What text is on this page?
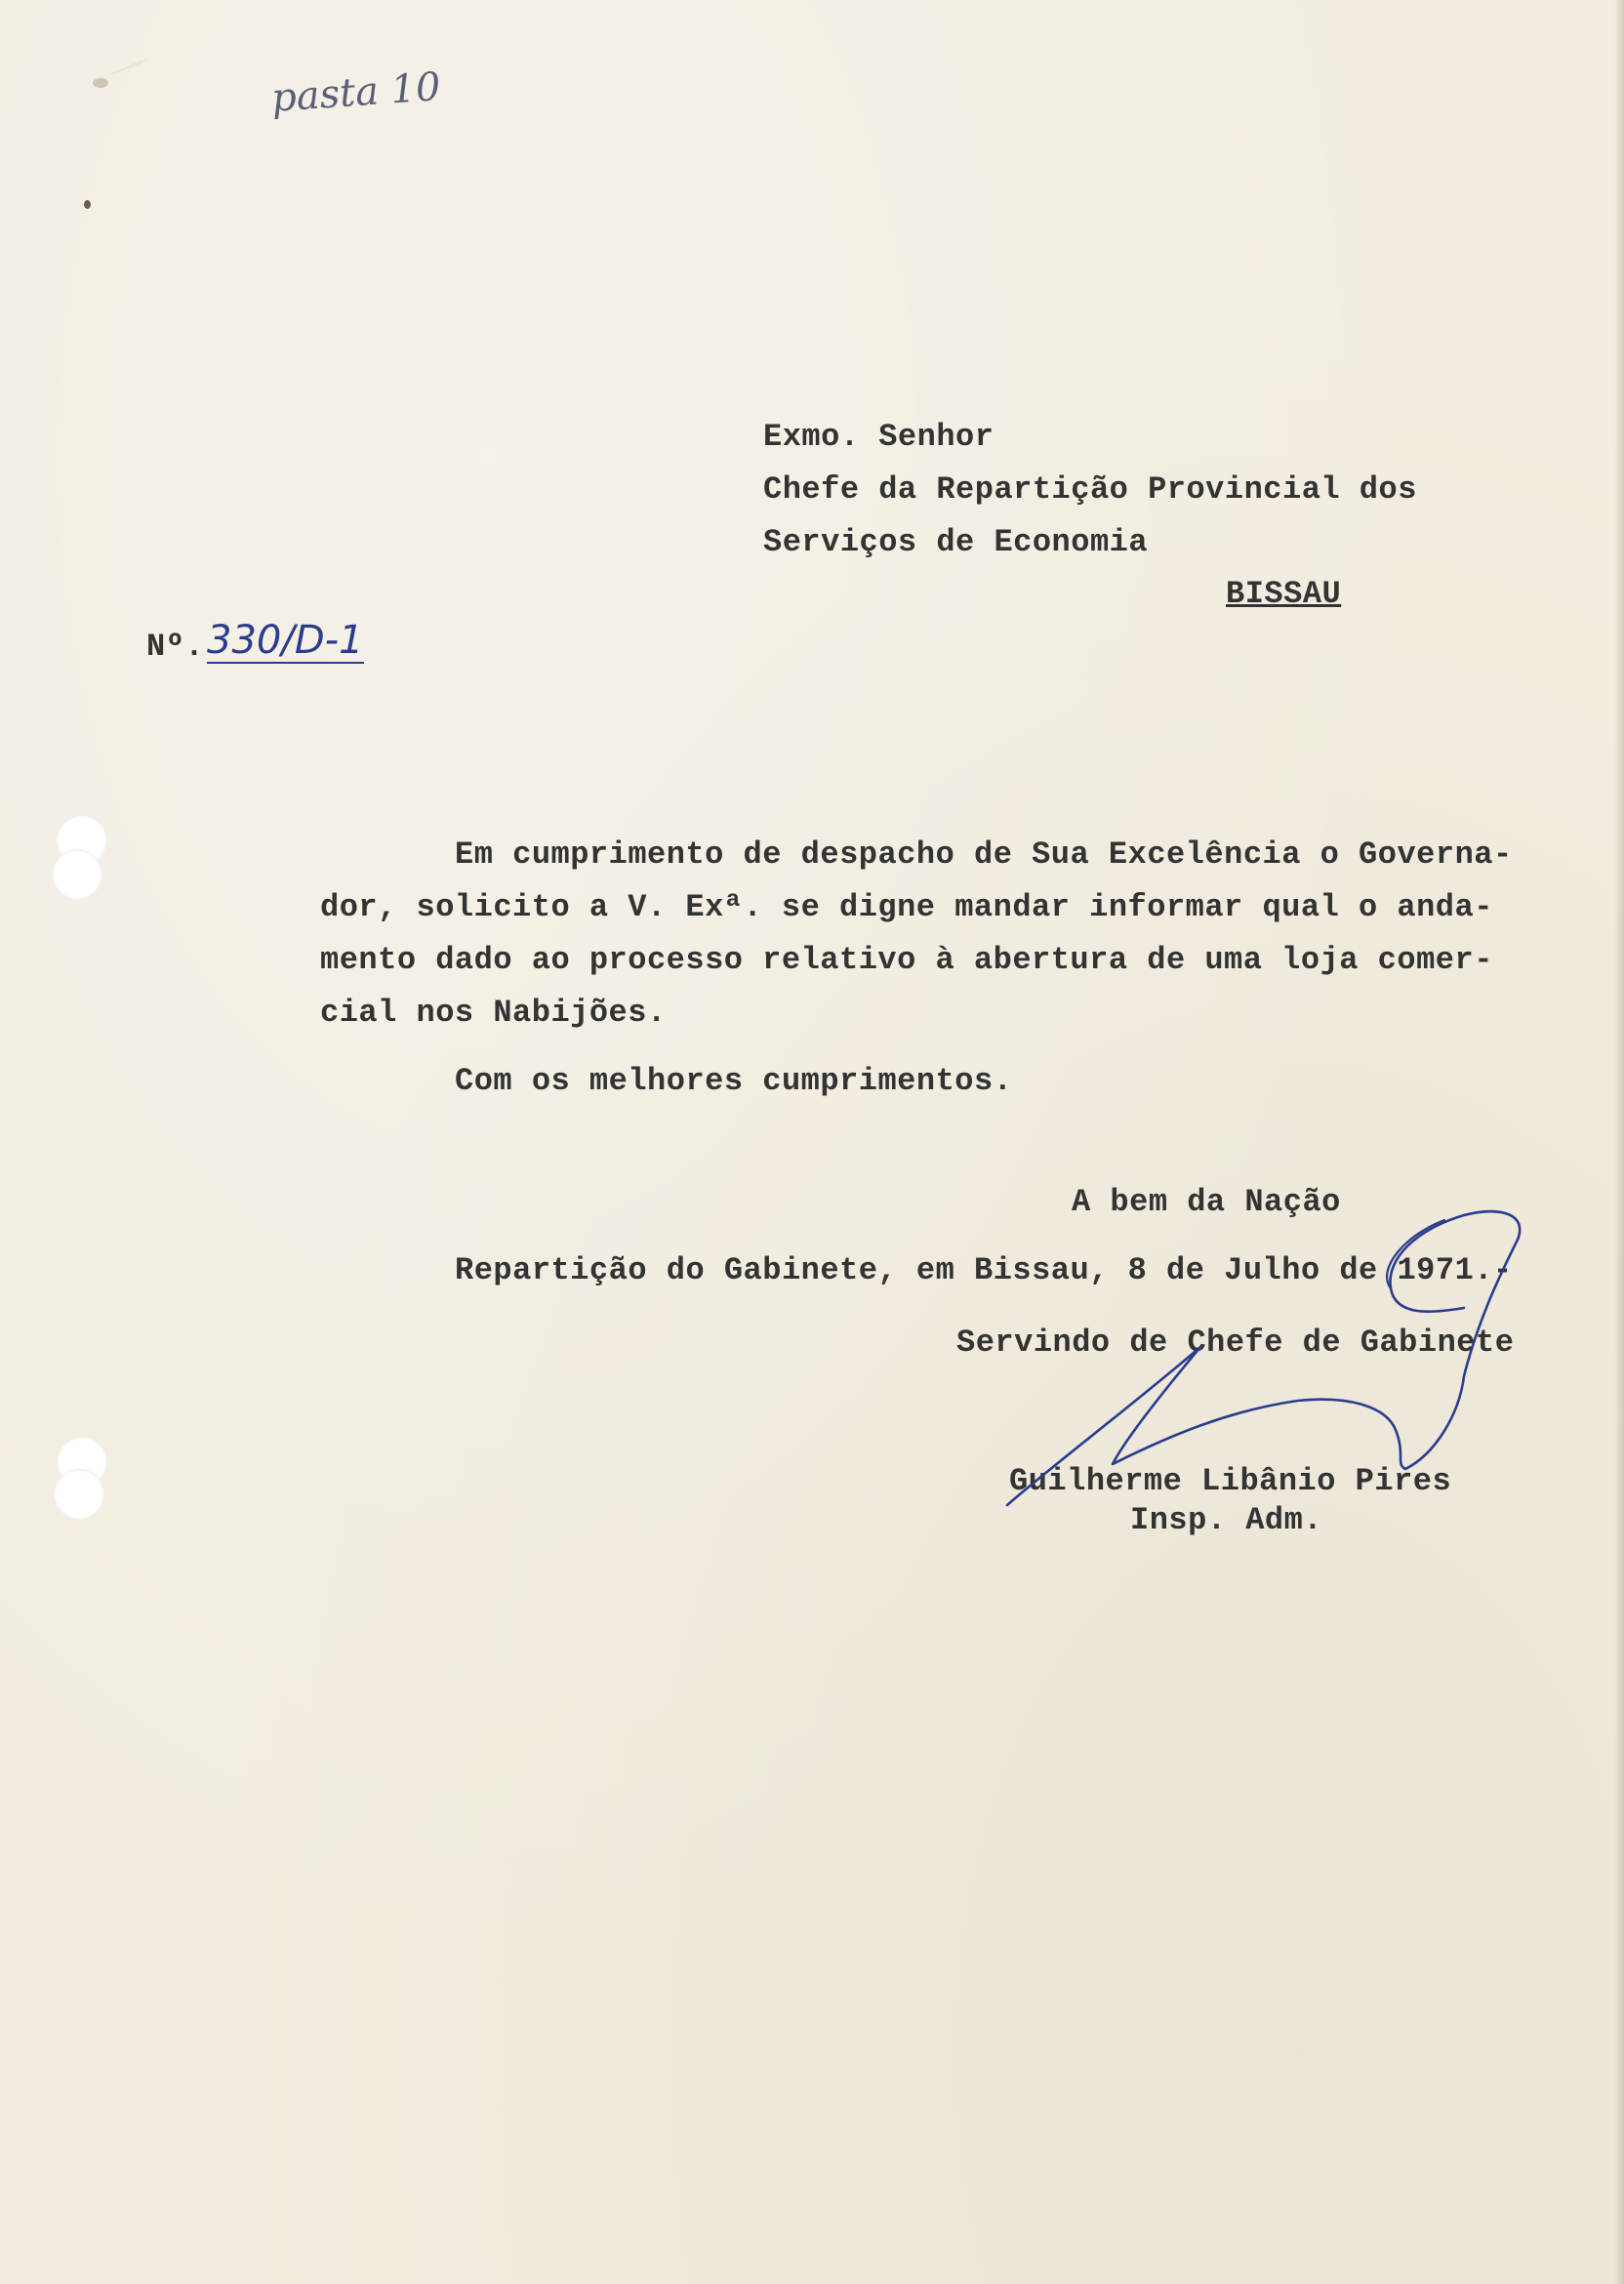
pasta 10
Exmo. Senhor
Chefe da Repartição Provincial dos
Serviços de Economia
BISSAU
Nº. 330/D-1
Em cumprimento de despacho de Sua Excelência o Governa-
dor, solicito a V. Exª. se digne mandar informar qual o anda-
mento dado ao processo relativo à abertura de uma loja comer-
cial nos Nabijões.
Com os melhores cumprimentos.
A bem da Nação
Repartição do Gabinete, em Bissau, 8 de Julho de 1971.-
Servindo de Chefe de Gabinete
Guilherme Libânio Pires
Insp. Adm.
